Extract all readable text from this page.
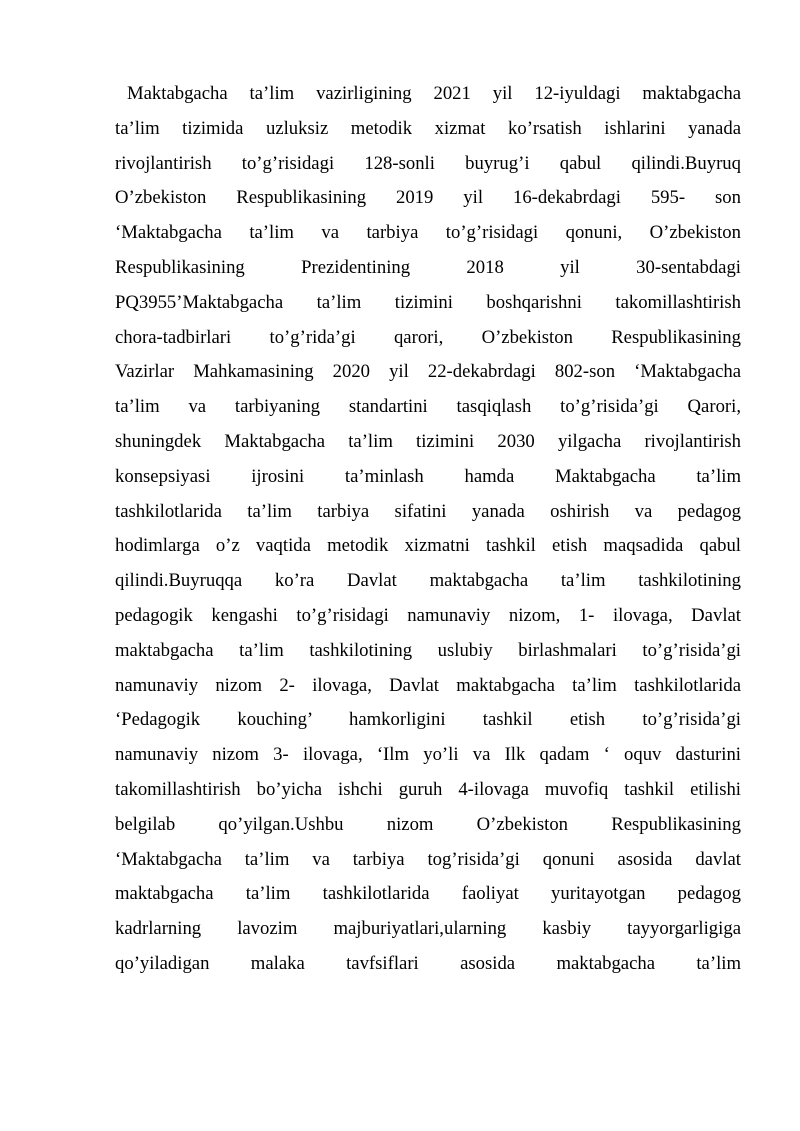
Maktabgacha ta’lim vazirligining 2021 yil 12-iyuldagi maktabgacha
ta’lim tizimida uzluksiz metodik xizmat ko’rsatish ishlarini yanada
rivojlantirish to’g’risidagi 128-sonli buyrug’i qabul qilindi.Buyruq
O’zbekiston Respublikasining 2019 yil 16-dekabrdagi 595- son
‘Maktabgacha ta’lim va tarbiya to’g’risidagi qonuni, O’zbekiston
Respublikasining Prezidentining 2018 yil 30-sentabdagi
PQ3955’Maktabgacha ta’lim tizimini boshqarishni takomillashtirish
chora-tadbirlari to’g’rida’gi qarori, O’zbekiston Respublikasining
Vazirlar Mahkamasining 2020 yil 22-dekabrdagi 802-son ‘Maktabgacha
ta’lim va tarbiyaning standartini tasqiqlash to’g’risida’gi Qarori,
shuningdek Maktabgacha ta’lim tizimini 2030 yilgacha rivojlantirish
konsepsiyasi ijrosini ta’minlash hamda Maktabgacha ta’lim
tashkilotlarida ta’lim tarbiya sifatini yanada oshirish va pedagog
hodimlarga o’z vaqtida metodik xizmatni tashkil etish maqsadida qabul
qilindi.Buyruqqa ko’ra Davlat maktabgacha ta’lim tashkilotining
pedagogik kengashi to’g’risidagi namunaviy nizom, 1- ilovaga, Davlat
maktabgacha ta’lim tashkilotining uslubiy birlashmalari to’g’risida’gi
namunaviy nizom 2- ilovaga, Davlat maktabgacha ta’lim tashkilotlarida
‘Pedagogik kouching’ hamkorligini tashkil etish to’g’risida’gi
namunaviy nizom 3- ilovaga, ‘Ilm yo’li va Ilk qadam ‘ oquv dasturini
takomillashtirish bo’yicha ishchi guruh 4-ilovaga muvofiq tashkil etilishi
belgilab qo’yilgan.Ushbu nizom O’zbekiston Respublikasining
‘Maktabgacha ta’lim va tarbiya tog’risida’gi qonuni asosida davlat
maktabgacha ta’lim tashkilotlarida faoliyat yuritayotgan pedagog
kadrlarning lavozim majburiyatlari,ularning kasbiy tayyorgarligiga
qo’yiladigan malaka tavfsiflari asosida maktabgacha ta’lim
